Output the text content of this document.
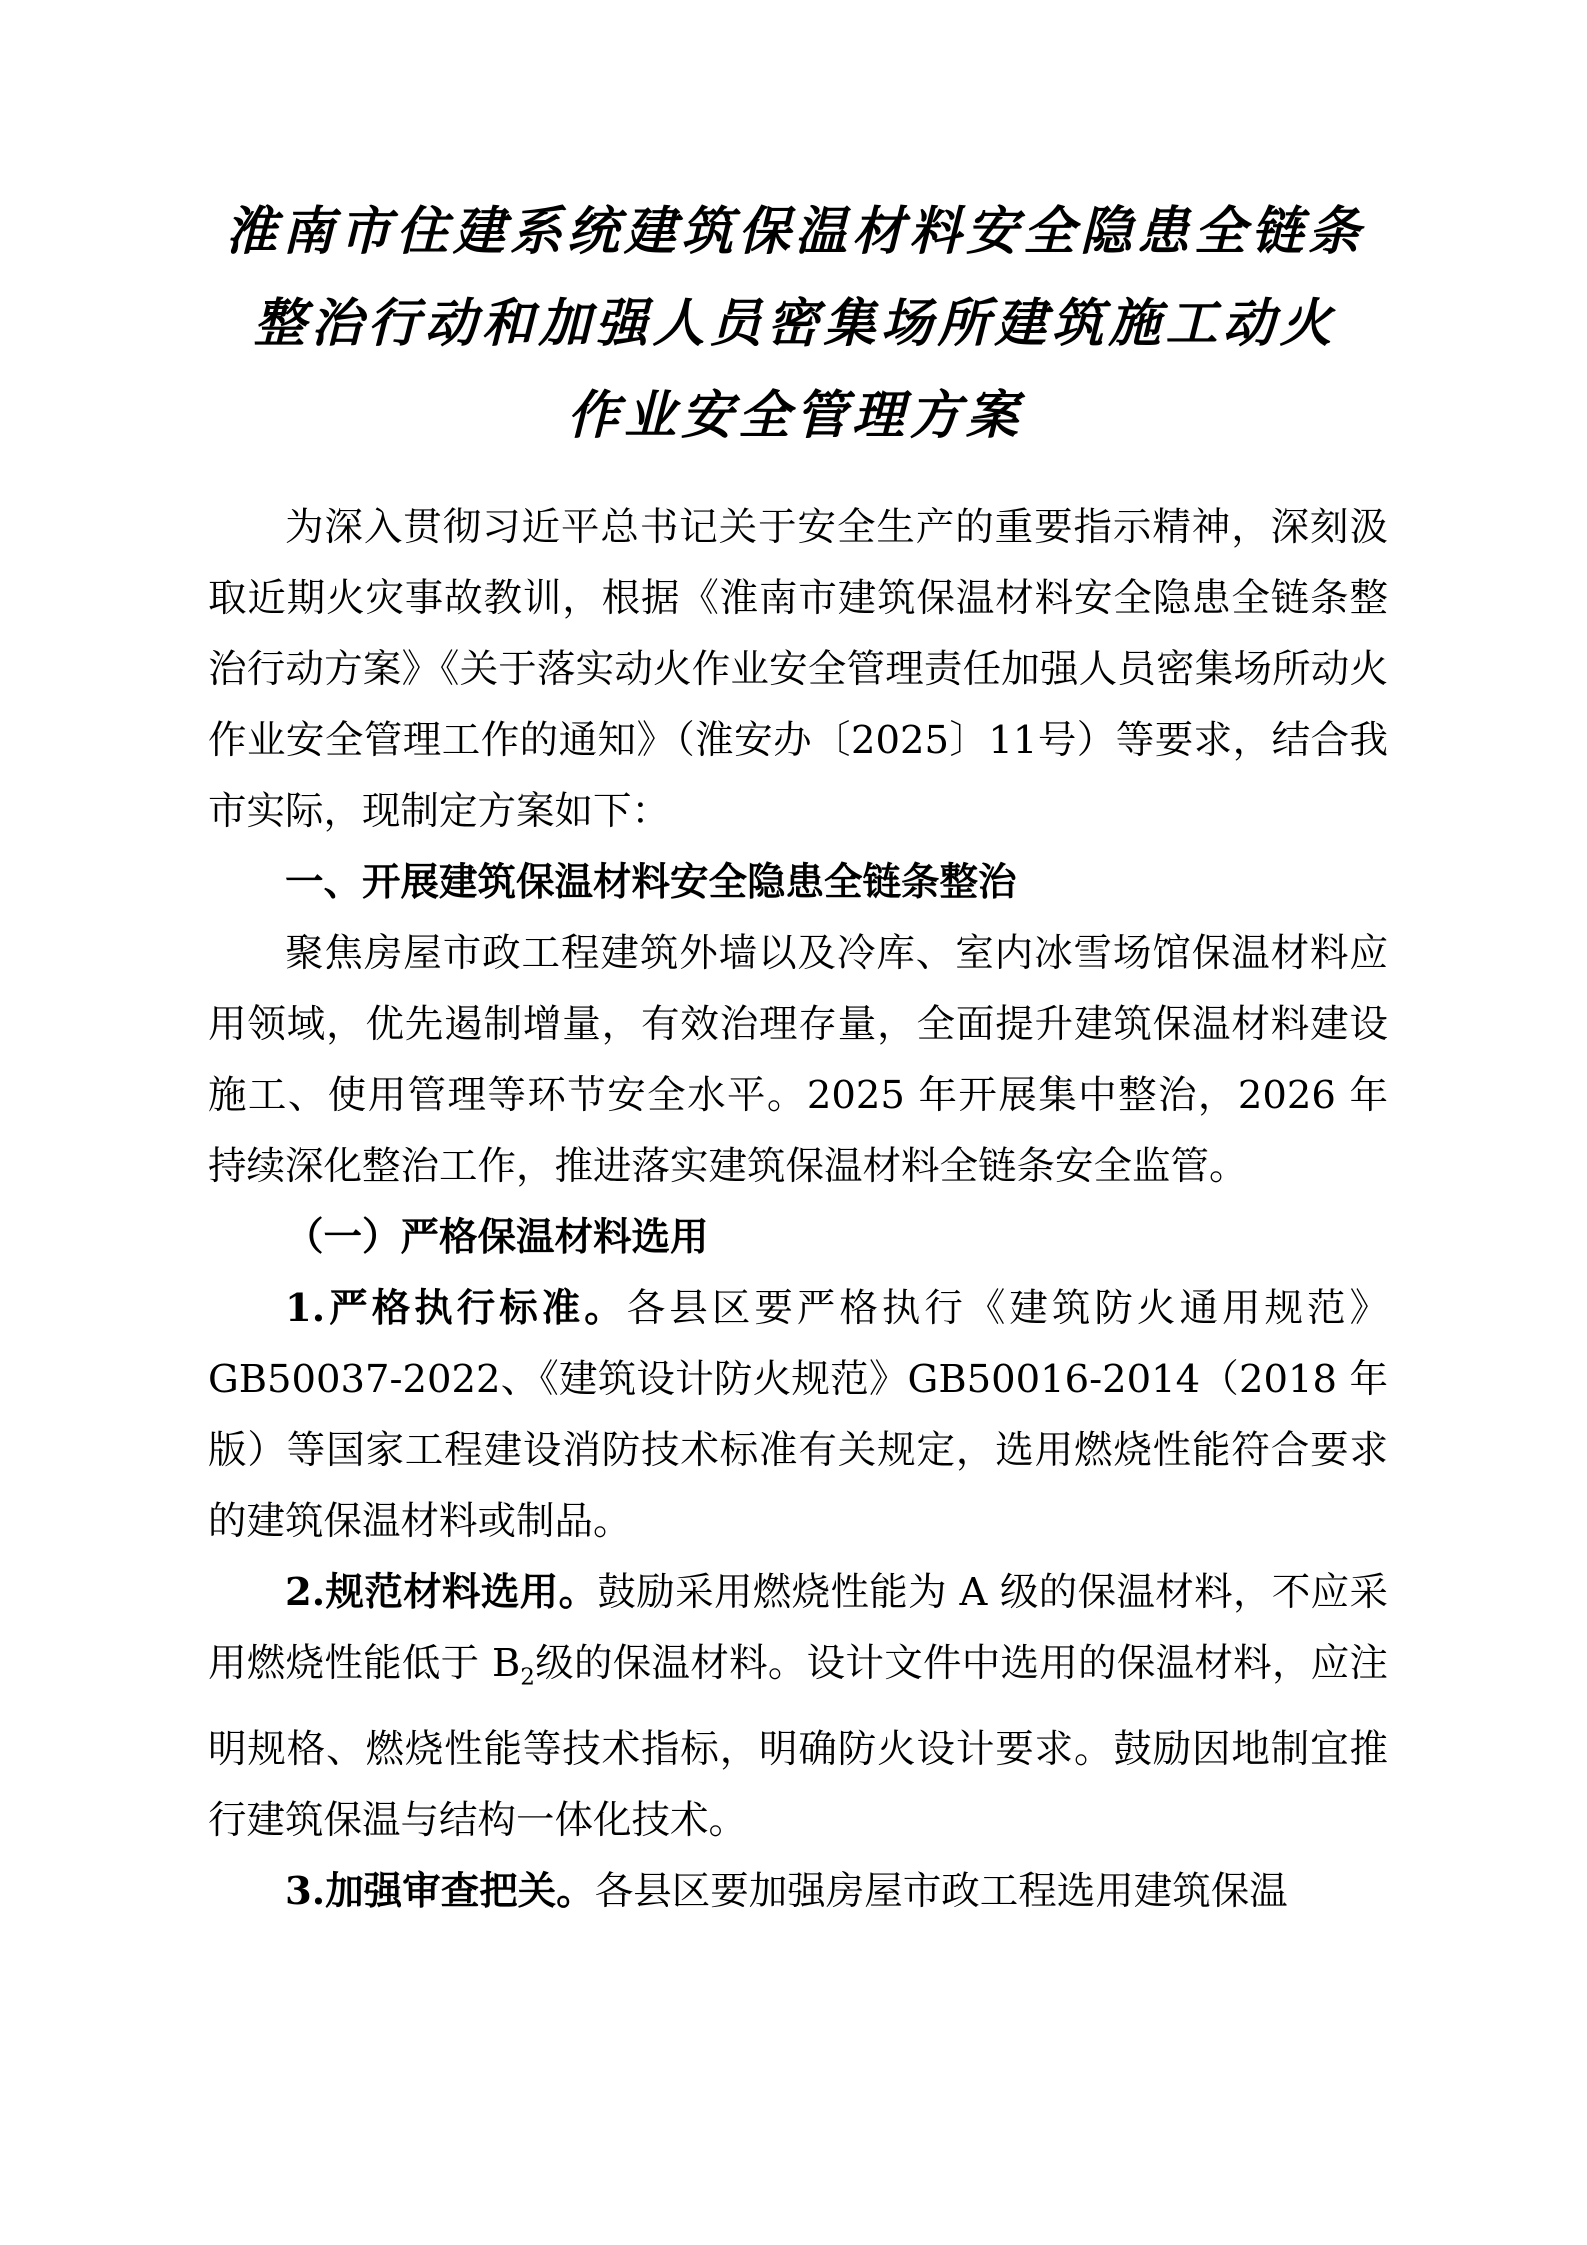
淮南市住建系统建筑保温材料安全隐患全链条
整治行动和加强人员密集场所建筑施工动火
作业安全管理方案

为深入贯彻习近平总书记关于安全生产的重要指示精神，深刻汲取近期火灾事故教训，根据《淮南市建筑保温材料安全隐患全链条整治行动方案》《关于落实动火作业安全管理责任加强人员密集场所动火作业安全管理工作的通知》（淮安办〔2025〕11号）等要求，结合我市实际，现制定方案如下：

一、开展建筑保温材料安全隐患全链条整治

聚焦房屋市政工程建筑外墙以及冷库、室内冰雪场馆保温材料应用领域，优先遏制增量，有效治理存量，全面提升建筑保温材料建设施工、使用管理等环节安全水平。2025 年开展集中整治，2026 年持续深化整治工作，推进落实建筑保温材料全链条安全监管。

（一）严格保温材料选用

1.严格执行标准。各县区要严格执行《建筑防火通用规范》GB50037-2022、《建筑设计防火规范》GB50016-2014（2018 年版）等国家工程建设消防技术标准有关规定，选用燃烧性能符合要求的建筑保温材料或制品。

2.规范材料选用。鼓励采用燃烧性能为 A 级的保温材料，不应采用燃烧性能低于 $B_2$级的保温材料。设计文件中选用的保温材料，应注明规格、燃烧性能等技术指标，明确防火设计要求。鼓励因地制宜推行建筑保温与结构一体化技术。

3.加强审查把关。各县区要加强房屋市政工程选用建筑保温
